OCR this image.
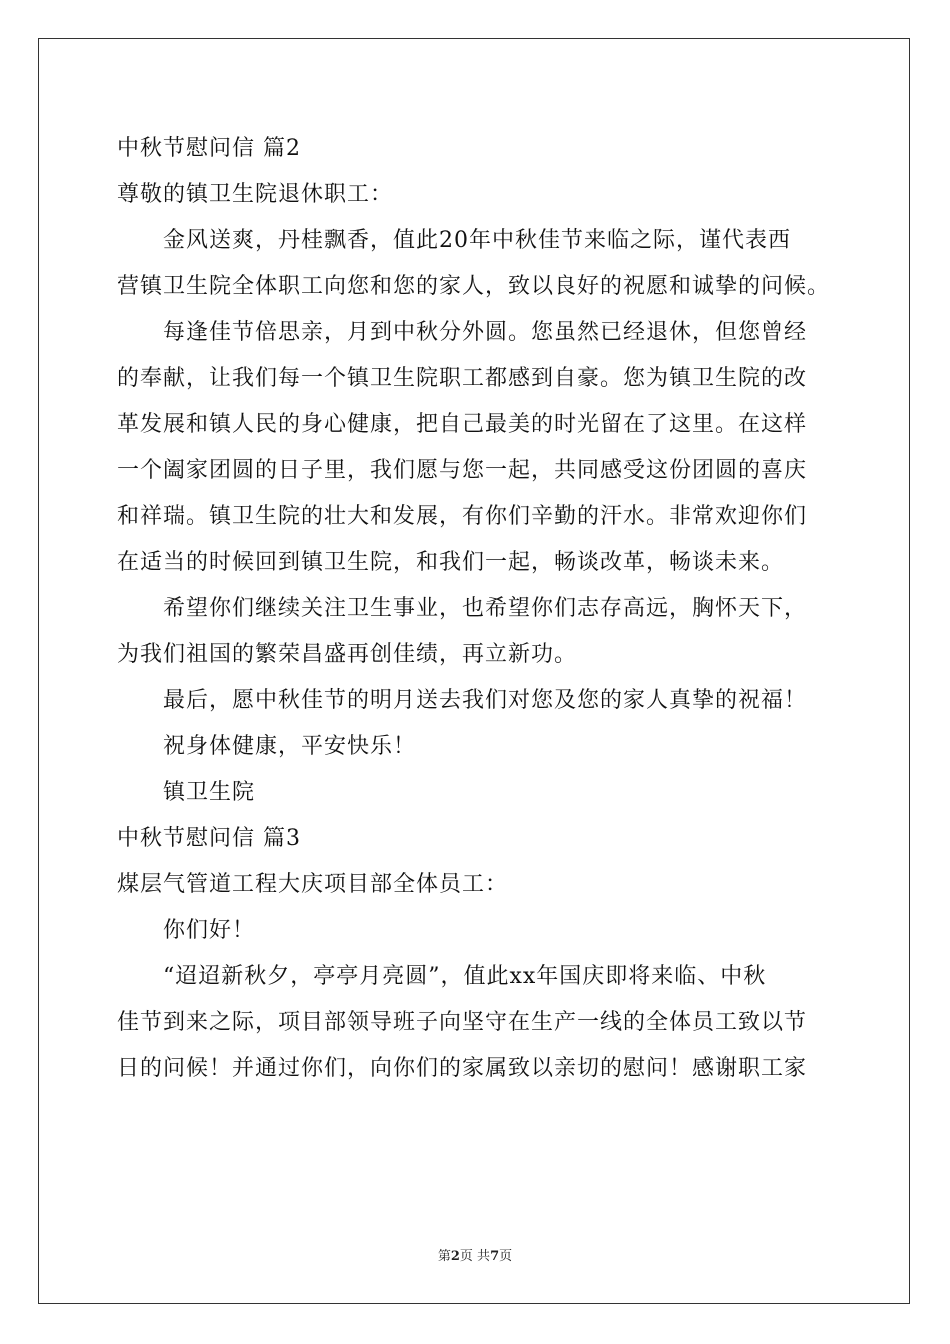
中秋节慰问信 篇2
尊敬的镇卫生院退休职工：
金风送爽，丹桂飘香，值此20年中秋佳节来临之际，谨代表西
营镇卫生院全体职工向您和您的家人，致以良好的祝愿和诚挚的问候。
每逢佳节倍思亲，月到中秋分外圆。您虽然已经退休，但您曾经
的奉献，让我们每一个镇卫生院职工都感到自豪。您为镇卫生院的改
革发展和镇人民的身心健康，把自己最美的时光留在了这里。在这样
一个阖家团圆的日子里，我们愿与您一起，共同感受这份团圆的喜庆
和祥瑞。镇卫生院的壮大和发展，有你们辛勤的汗水。非常欢迎你们
在适当的时候回到镇卫生院，和我们一起，畅谈改革，畅谈未来。
希望你们继续关注卫生事业，也希望你们志存高远，胸怀天下，
为我们祖国的繁荣昌盛再创佳绩，再立新功。
最后，愿中秋佳节的明月送去我们对您及您的家人真挚的祝福！
祝身体健康，平安快乐！
镇卫生院
中秋节慰问信 篇3
煤层气管道工程大庆项目部全体员工：
你们好！
“迢迢新秋夕，亭亭月亮圆”，值此xx年国庆即将来临、中秋
佳节到来之际，项目部领导班子向坚守在生产一线的全体员工致以节
日的问候！并通过你们，向你们的家属致以亲切的慰问！感谢职工家
第2页 共7页
